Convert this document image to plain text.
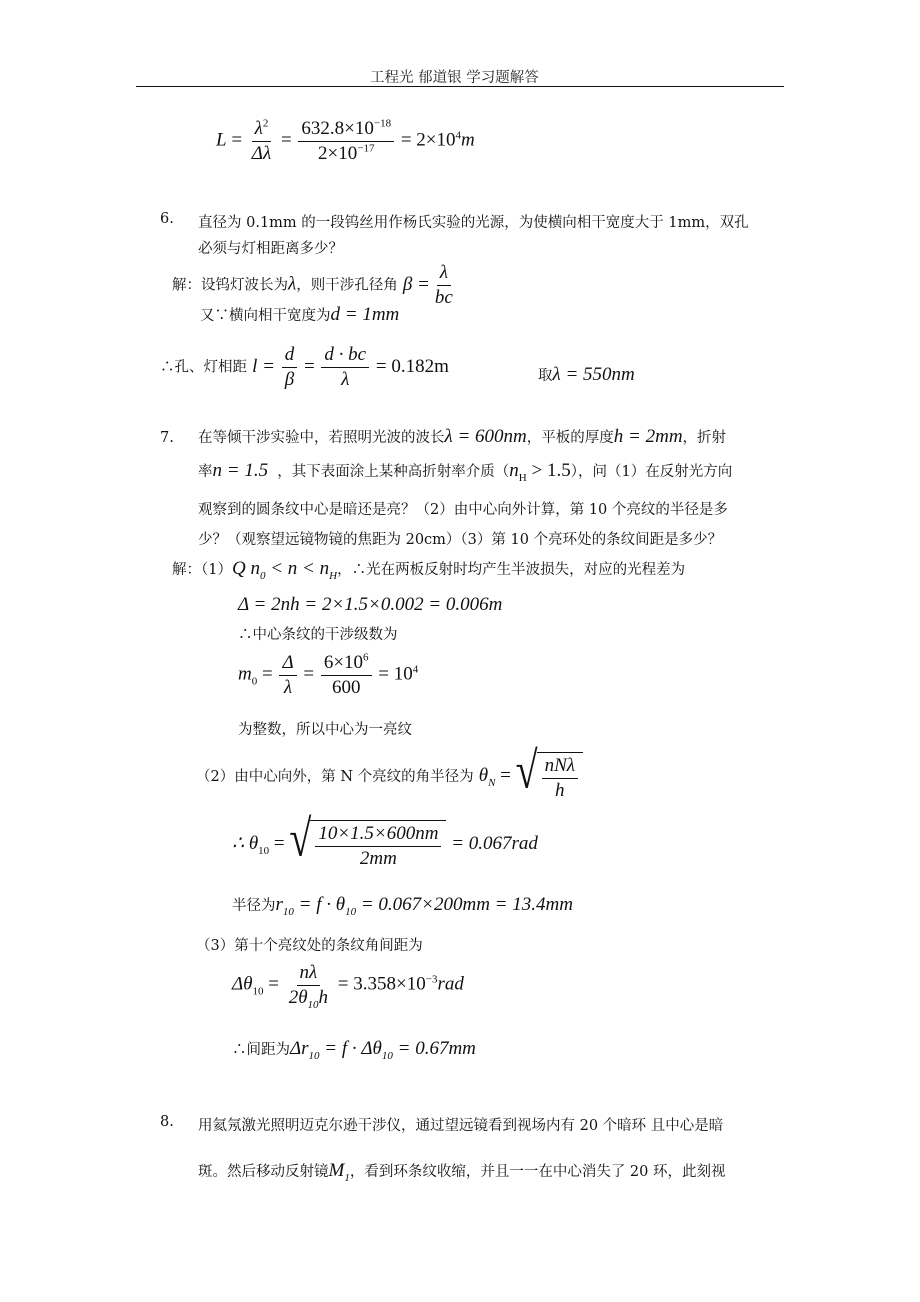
工程光 郁道银 学习题解答
$L = \frac{\lambda^2}{\Delta\lambda} = \frac{632.8\times 10^{-18}}{2\times 10^{-17}} = 2\times 10^4m$
6. 直径为 0.1mm 的一段钨丝用作杨氏实验的光源，为使横向相干宽度大于 1mm，双孔
必须与灯相距离多少？
解：设钨灯波长为λ，则干涉孔径角 $\beta = \frac{\lambda}{bc}$
又∵横向相干宽度为d = 1mm
∴孔、灯相距 $l = \frac{d}{\beta} = \frac{d \cdot bc}{\lambda} = 0.182m$	取λ = 550nm
7. 在等倾干涉实验中，若照明光波的波长λ = 600nm，平板的厚度h = 2mm，折射
率n = 1.5 ，其下表面涂上某种高折射率介质$(n_H > 1.5)$，问（1）在反射光方向
观察到的圆条纹中心是暗还是亮？（2）由中心向外计算，第 10 个亮纹的半径是多
少？（观察望远镜物镜的焦距为 20cm）（3）第 10 个亮环处的条纹间距是多少？
解：（1）Q $n_0 < n < n_H$，∴光在两板反射时均产生半波损失，对应的光程差为
Δ = 2nh = 2×1.5×0.002 = 0.006m
∴中心条纹的干涉级数为
$m_0 = \frac{\Delta}{\lambda} = \frac{6\times 10^6}{600} = 10^4$
为整数，所以中心为一亮纹
（2）由中心向外，第 N 个亮纹的角半径为 $\theta_N$ = √ $\frac{\text{nNλ}}{h}$
∴ $\theta_{10}$ = √ $\frac{10\times 1.5\times 600nm}{2mm} = 0.067rad$
半径为$r_{10} = f \cdot \theta_{10} = 0.067\times 200mm = 13.4mm$
（3）第十个亮纹处的条纹角间距为
$\Delta\theta_{10} = \frac{n\lambda}{2\theta_{10}h} = 3.358\times 10^{-3}rad$
∴间距为$\Delta r_{10} = f \cdot \Delta\theta_{10} = 0.67mm$
8. 用氦氖激光照明迈克尔逊干涉仪，通过望远镜看到视场内有 20 个暗环 且中心是暗
斑。然后移动反射镜$M_1$，看到环条纹收缩，并且一一在中心消失了 20 环，此刻视
